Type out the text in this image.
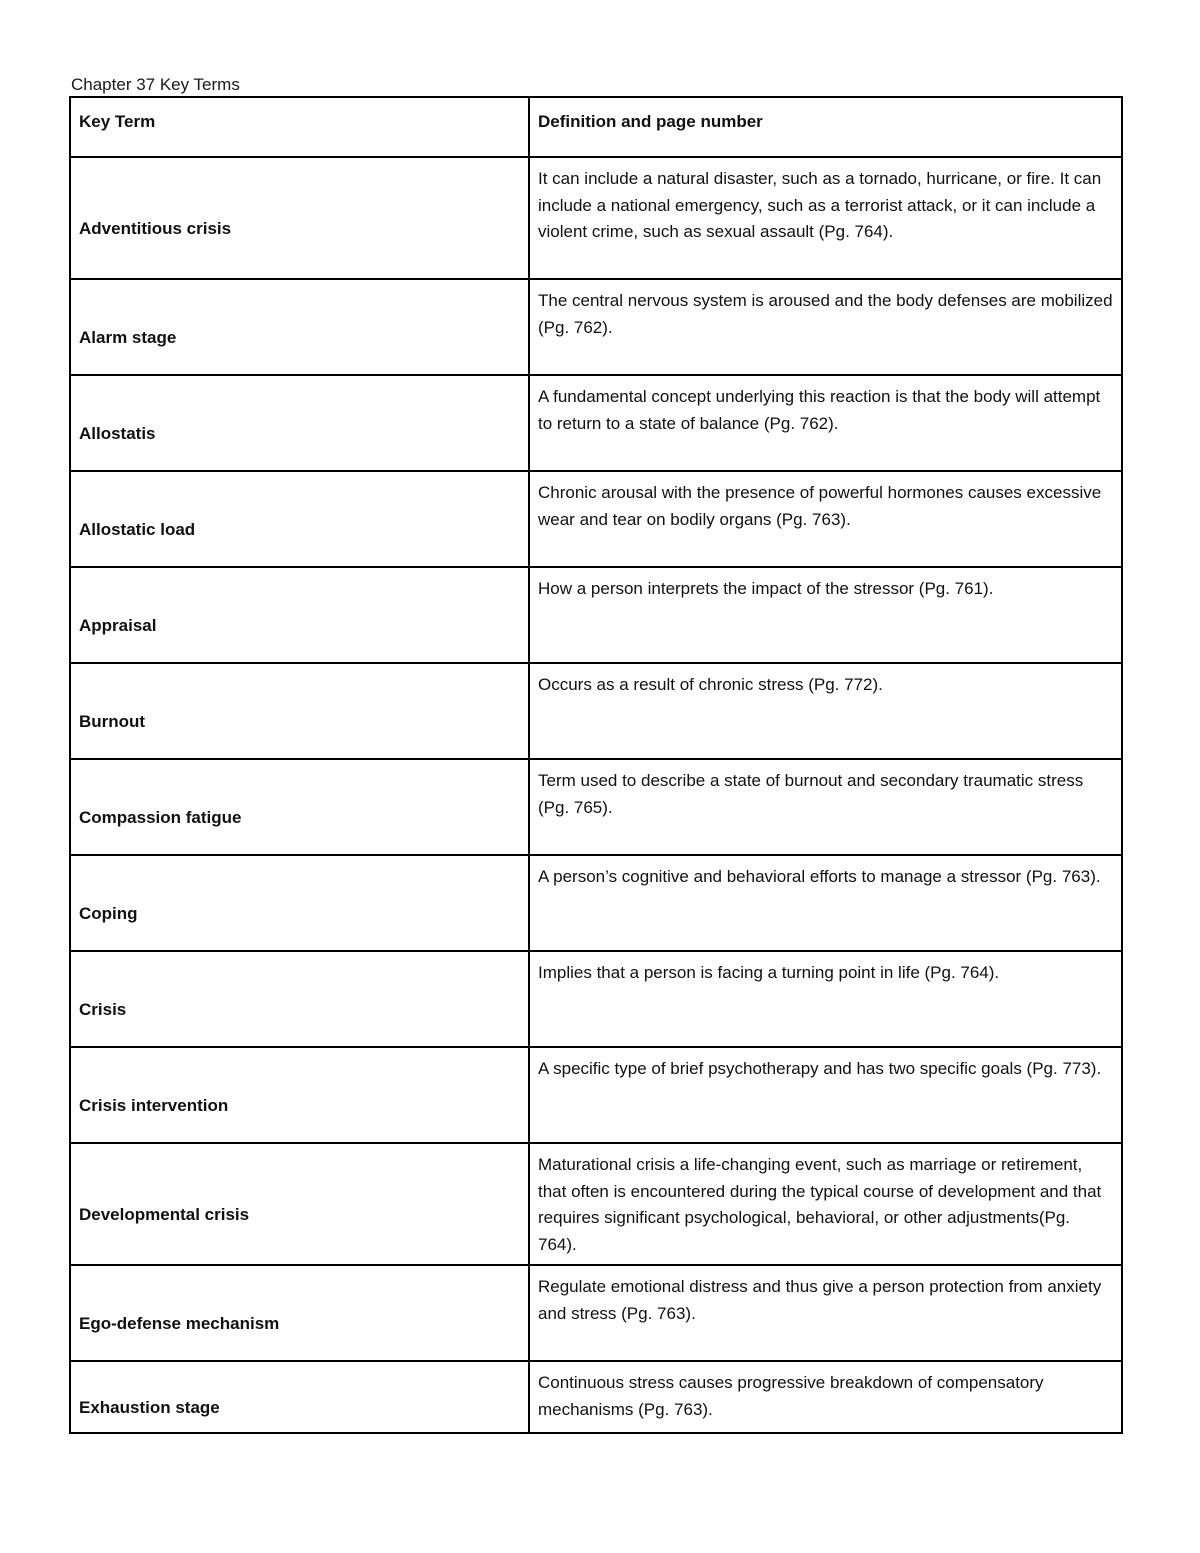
Chapter 37 Key Terms
Key Term	Definition and page number
Adventitious crisis	It can include a natural disaster, such as a tornado, hurricane, or fire. It can include a national emergency, such as a terrorist attack, or it can include a violent crime, such as sexual assault (Pg. 764).
Alarm stage	The central nervous system is aroused and the body defenses are mobilized (Pg. 762).
Allostatis	A fundamental concept underlying this reaction is that the body will attempt to return to a state of balance (Pg. 762).
Allostatic load	Chronic arousal with the presence of powerful hormones causes excessive wear and tear on bodily organs (Pg. 763).
Appraisal	How a person interprets the impact of the stressor (Pg. 761).
Burnout	Occurs as a result of chronic stress (Pg. 772).
Compassion fatigue	Term used to describe a state of burnout and secondary traumatic stress (Pg. 765).
Coping	A person’s cognitive and behavioral efforts to manage a stressor (Pg. 763).
Crisis	Implies that a person is facing a turning point in life (Pg. 764).
Crisis intervention	A specific type of brief psychotherapy and has two specific goals (Pg. 773).
Developmental crisis	Maturational crisis a life-changing event, such as marriage or retirement, that often is encountered during the typical course of development and that requires significant psychological, behavioral, or other adjustments(Pg. 764).
Ego-defense mechanism	Regulate emotional distress and thus give a person protection from anxiety and stress (Pg. 763).
Exhaustion stage	Continuous stress causes progressive breakdown of compensatory mechanisms (Pg. 763).
